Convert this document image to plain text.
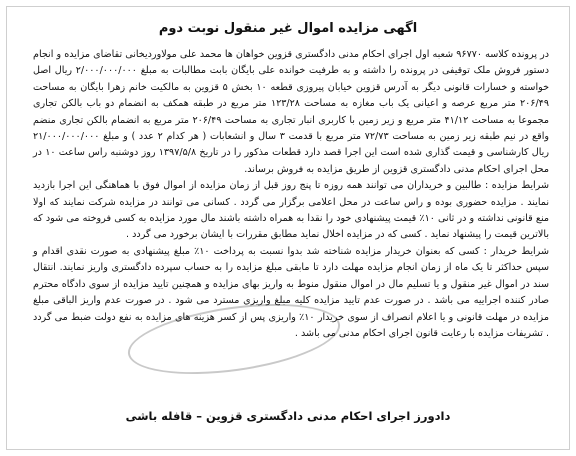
اگهی مزایده اموال غیر منقول نوبت دوم

در پرونده کلاسه ۹۶۷۷۰ شعبه اول اجرای احکام مدنی دادگستری قزوین خواهان ها محمد علی مولاوردیخانی تقاضای مزایده و انجام دستور فروش ملک توقیفی در پرونده را داشته و به طرفیت خوانده علی بایگان بابت مطالبات به مبلغ ۲/۰۰۰/۰۰۰/۰۰۰ ریال اصل خواسته و خسارات قانونی دیگر به آدرس قزوین خیابان پیروزی قطعه ۱۰ بخش ۵ قزوین به مالکیت خانم زهرا بایگان به مساحت ۲۰۶/۴۹ متر مربع عرصه و اعیانی یک باب مغازه به مساحت ۱۲۳/۲۸ متر مربع در طبقه همکف به انضمام دو باب بالکن تجاری مجموعا به مساحت ۴۱/۱۲ متر مربع و زیر زمین با کاربری انبار تجاری به مساحت ۲۰۶/۴۹ متر مربع به انضمام بالکن تجاری منضم واقع در نیم طبقه زیر زمین به مساحت ۷۲/۷۳ متر مربع با قدمت ۳ سال و انشعابات ( هر کدام ۲ عدد ) و مبلغ ۲۱/۰۰۰/۰۰۰/۰۰۰ ریال کارشناسی و قیمت گذاری شده است این اجرا قصد دارد قطعات مذکور را در تاریخ ۱۳۹۷/۵/۸ روز دوشنبه راس ساعت ۱۰ در محل اجرای احکام مدنی دادگستری قزوین از طریق مزایده به فروش برساند.

شرایط مزایده : طالبین و خریداران می توانند همه روزه تا پنج روز قبل از زمان مزایده از اموال فوق با هماهنگی این اجرا بازدید نمایند . مزایده حضوری بوده و راس ساعت در محل اعلامی برگزار می گردد . کسانی می توانند در مزایده شرکت نمایند که اولا منع قانونی نداشته و در ثانی ۱۰٪ قیمت پیشنهادی خود را نقدا به همراه داشته باشند مال مورد مزایده به کسی فروخته می شود که بالاترین قیمت را پیشنهاد نماید . کسی که در مزایده اخلال نماید مطابق مقررات با ایشان برخورد می گردد .

شرایط خریدار : کسی که بعنوان خریدار مزایده شناخته شد بدوا نسبت به پرداخت ۱۰٪ مبلغ پیشنهادی به صورت نقدی اقدام و سپس حداکثر تا یک ماه از زمان انجام مزایده مهلت دارد تا مابقی مبلغ مزایده را به حساب سپرده دادگستری واریز نمایند. انتقال سند در اموال غیر منقول و یا تسلیم مال در اموال منقول منوط به واریز بهای مزایده و همچنین تایید مزایده از سوی دادگاه محترم صادر کننده اجراییه می باشد . در صورت عدم تایید مزایده کلیه مبلغ واریزی مسترد می شود . در صورت عدم واریز الباقی مبلغ مزایده در مهلت قانونی و یا اعلام انصراف از سوی خریدار ۱۰٪ واریزی پس از کسر هزینه های مزایده به نفع دولت ضبط می گردد . تشریفات مزایده با رعایت قانون اجرای احکام مدنی می باشد .

دادورز اجرای احکام مدنی دادگستری قزوین – قافله باشی
